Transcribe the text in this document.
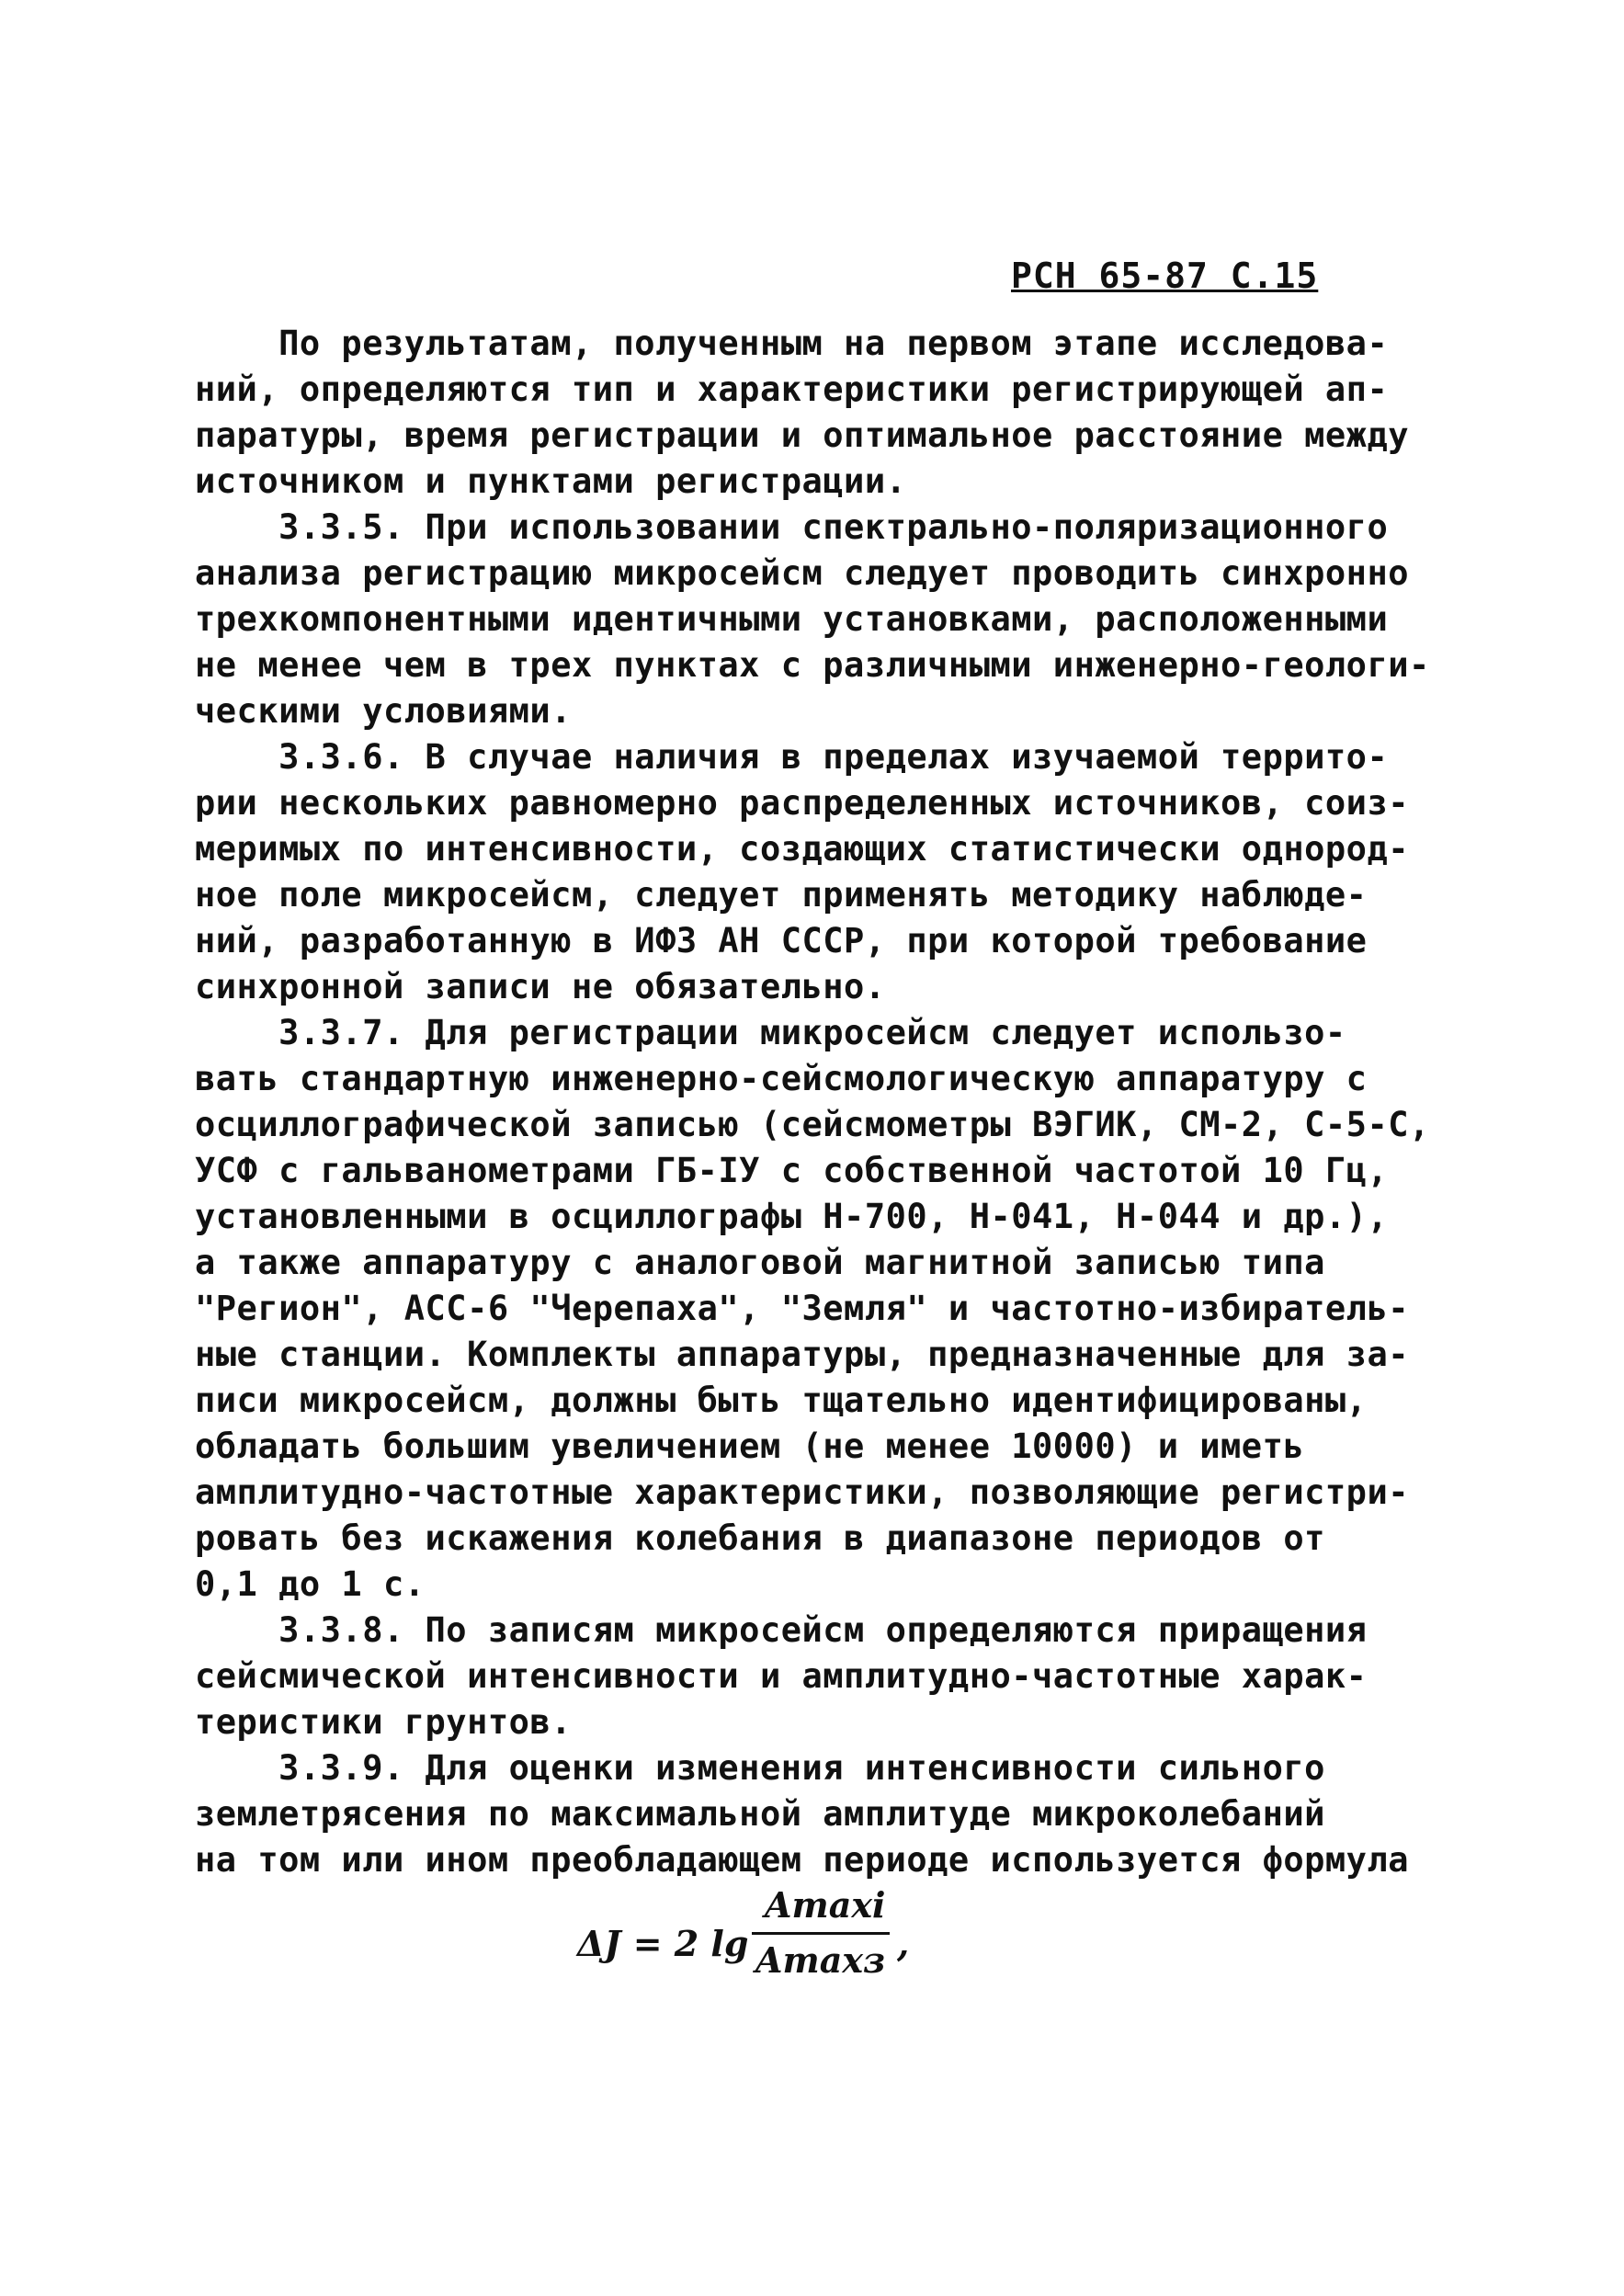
РСН 65-87 С.15
По результатам, полученным на первом этапе исследова-
ний, определяются тип и характеристики регистрирующей ап-
паратуры, время регистрации и оптимальное расстояние между
источником и пунктами регистрации.
3.3.5. При использовании спектрально-поляризационного
анализа регистрацию микросейсм следует проводить синхронно
трехкомпонентными идентичными установками, расположенными
не менее чем в трех пунктах с различными инженерно-геологи-
ческими условиями.
3.3.6. В случае наличия в пределах изучаемой террито-
рии нескольких равномерно распределенных источников, соиз-
меримых по интенсивности, создающих статистически однород-
ное поле микросейсм, следует применять методику наблюде-
ний, разработанную в ИФЗ АН СССР, при которой требование
синхронной записи не обязательно.
3.3.7. Для регистрации микросейсм следует использо-
вать стандартную инженерно-сейсмологическую аппаратуру с
осциллографической записью (сейсмометры ВЭГИК, СМ-2, С-5-С,
УСФ с гальванометрами ГБ-IУ с собственной частотой 10 Гц,
установленными в осциллографы Н-700, Н-041, Н-044 и др.),
а также аппаратуру с аналоговой магнитной записью типа
"Регион", АСС-6 "Черепаха", "Земля" и частотно-избиратель-
ные станции. Комплекты аппаратуры, предназначенные для за-
писи микросейсм, должны быть тщательно идентифицированы,
обладать большим увеличением (не менее 10000) и иметь
амплитудно-частотные характеристики, позволяющие регистри-
ровать без искажения колебания в диапазоне периодов от
0,1 до 1 с.
3.3.8. По записям микросейсм определяются приращения
сейсмической интенсивности и амплитудно-частотные харак-
теристики грунтов.
3.3.9. Для оценки изменения интенсивности сильного
землетрясения по максимальной амплитуде микроколебаний
на том или ином преобладающем периоде используется формула
ΔJ = 2 lg
Amaxi
Amaxз ,
